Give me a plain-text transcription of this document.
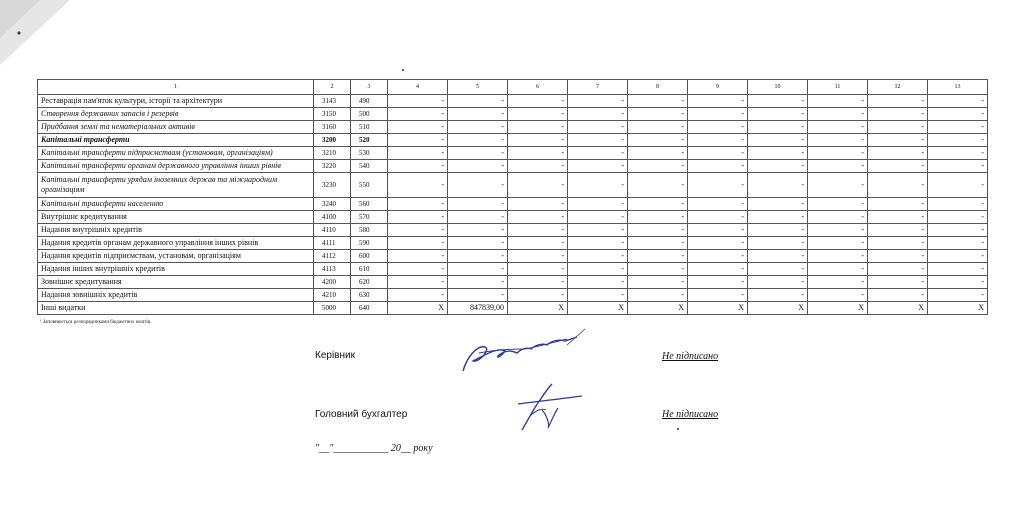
1	2	3	4	5	6	7	8	9	10	11	12	13
Реставрація пам'яток культури, історії та архітектури	3143	490	-	-	-	-	-	-	-	-	-	-
Створення державних запасів і резервів	3150	500	-	-	-	-	-	-	-	-	-	-
Придбання землі та нематеріальних активів	3160	510	-	-	-	-	-	-	-	-	-	-
Капітальні трансферти	3200	520	-	-	-	-	-	-	-	-	-	-
Капітальні трансферти підприємствам (установам, організаціям)	3210	530	-	-	-	-	-	-	-	-	-	-
Капітальні трансферти органам державного управління інших рівнів	3220	540	-	-	-	-	-	-	-	-	-	-
Капітальні трансферти урядам іноземних держав та міжнародним організаціям	3230	550	-	-	-	-	-	-	-	-	-	-
Капітальні трансферти населенню	3240	560	-	-	-	-	-	-	-	-	-	-
Внутрішнє кредитування	4100	570	-	-	-	-	-	-	-	-	-	-
Надання внутрішніх кредитів	4110	580	-	-	-	-	-	-	-	-	-	-
Надання кредитів органам державного управління інших рівнів	4111	590	-	-	-	-	-	-	-	-	-	-
Надання кредитів підприємствам, установам, організаціям	4112	600	-	-	-	-	-	-	-	-	-	-
Надання інших внутрішніх кредитів	4113	610	-	-	-	-	-	-	-	-	-	-
Зовнішнє кредитування	4200	620	-	-	-	-	-	-	-	-	-	-
Надання зовнішніх кредитів	4210	630	-	-	-	-	-	-	-	-	-	-
Інші видатки	5000	640	X	847839,00	X	X	X	X	X	X	X	X
¹ Заповнюється розпорядниками бюджетних коштів.
Керівник	Не підписано
Головний бухгалтер	Не підписано
"__"___________ 20__ року
